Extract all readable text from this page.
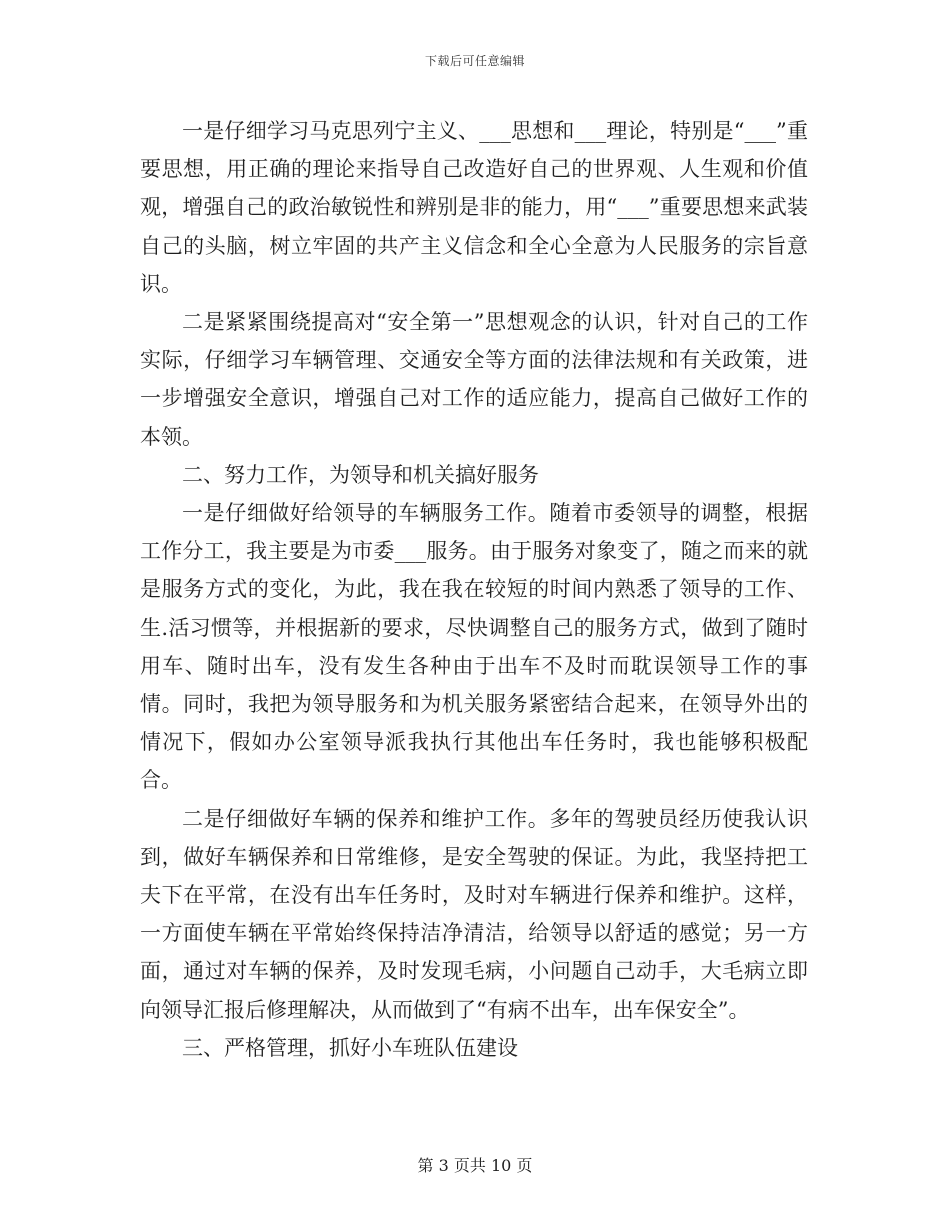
下载后可任意编辑

一是仔细学习马克思列宁主义、___思想和___理论，特别是“___”重要思想，用正确的理论来指导自己改造好自己的世界观、人生观和价值观，增强自己的政治敏锐性和辨别是非的能力，用“___”重要思想来武装自己的头脑，树立牢固的共产主义信念和全心全意为人民服务的宗旨意识。

二是紧紧围绕提高对“安全第一”思想观念的认识，针对自己的工作实际，仔细学习车辆管理、交通安全等方面的法律法规和有关政策，进一步增强安全意识，增强自己对工作的适应能力，提高自己做好工作的本领。

二、努力工作，为领导和机关搞好服务

一是仔细做好给领导的车辆服务工作。随着市委领导的调整，根据工作分工，我主要是为市委___服务。由于服务对象变了，随之而来的就是服务方式的变化，为此，我在我在较短的时间内熟悉了领导的工作、生.活习惯等，并根据新的要求，尽快调整自己的服务方式，做到了随时用车、随时出车，没有发生各种由于出车不及时而耽误领导工作的事情。同时，我把为领导服务和为机关服务紧密结合起来，在领导外出的情况下，假如办公室领导派我执行其他出车任务时，我也能够积极配合。

二是仔细做好车辆的保养和维护工作。多年的驾驶员经历使我认识到，做好车辆保养和日常维修，是安全驾驶的保证。为此，我坚持把工夫下在平常，在没有出车任务时，及时对车辆进行保养和维护。这样，一方面使车辆在平常始终保持洁净清洁，给领导以舒适的感觉；另一方面，通过对车辆的保养，及时发现毛病，小问题自己动手，大毛病立即向领导汇报后修理解决，从而做到了“有病不出车，出车保安全”。

三、严格管理，抓好小车班队伍建设

第 3 页共 10 页
